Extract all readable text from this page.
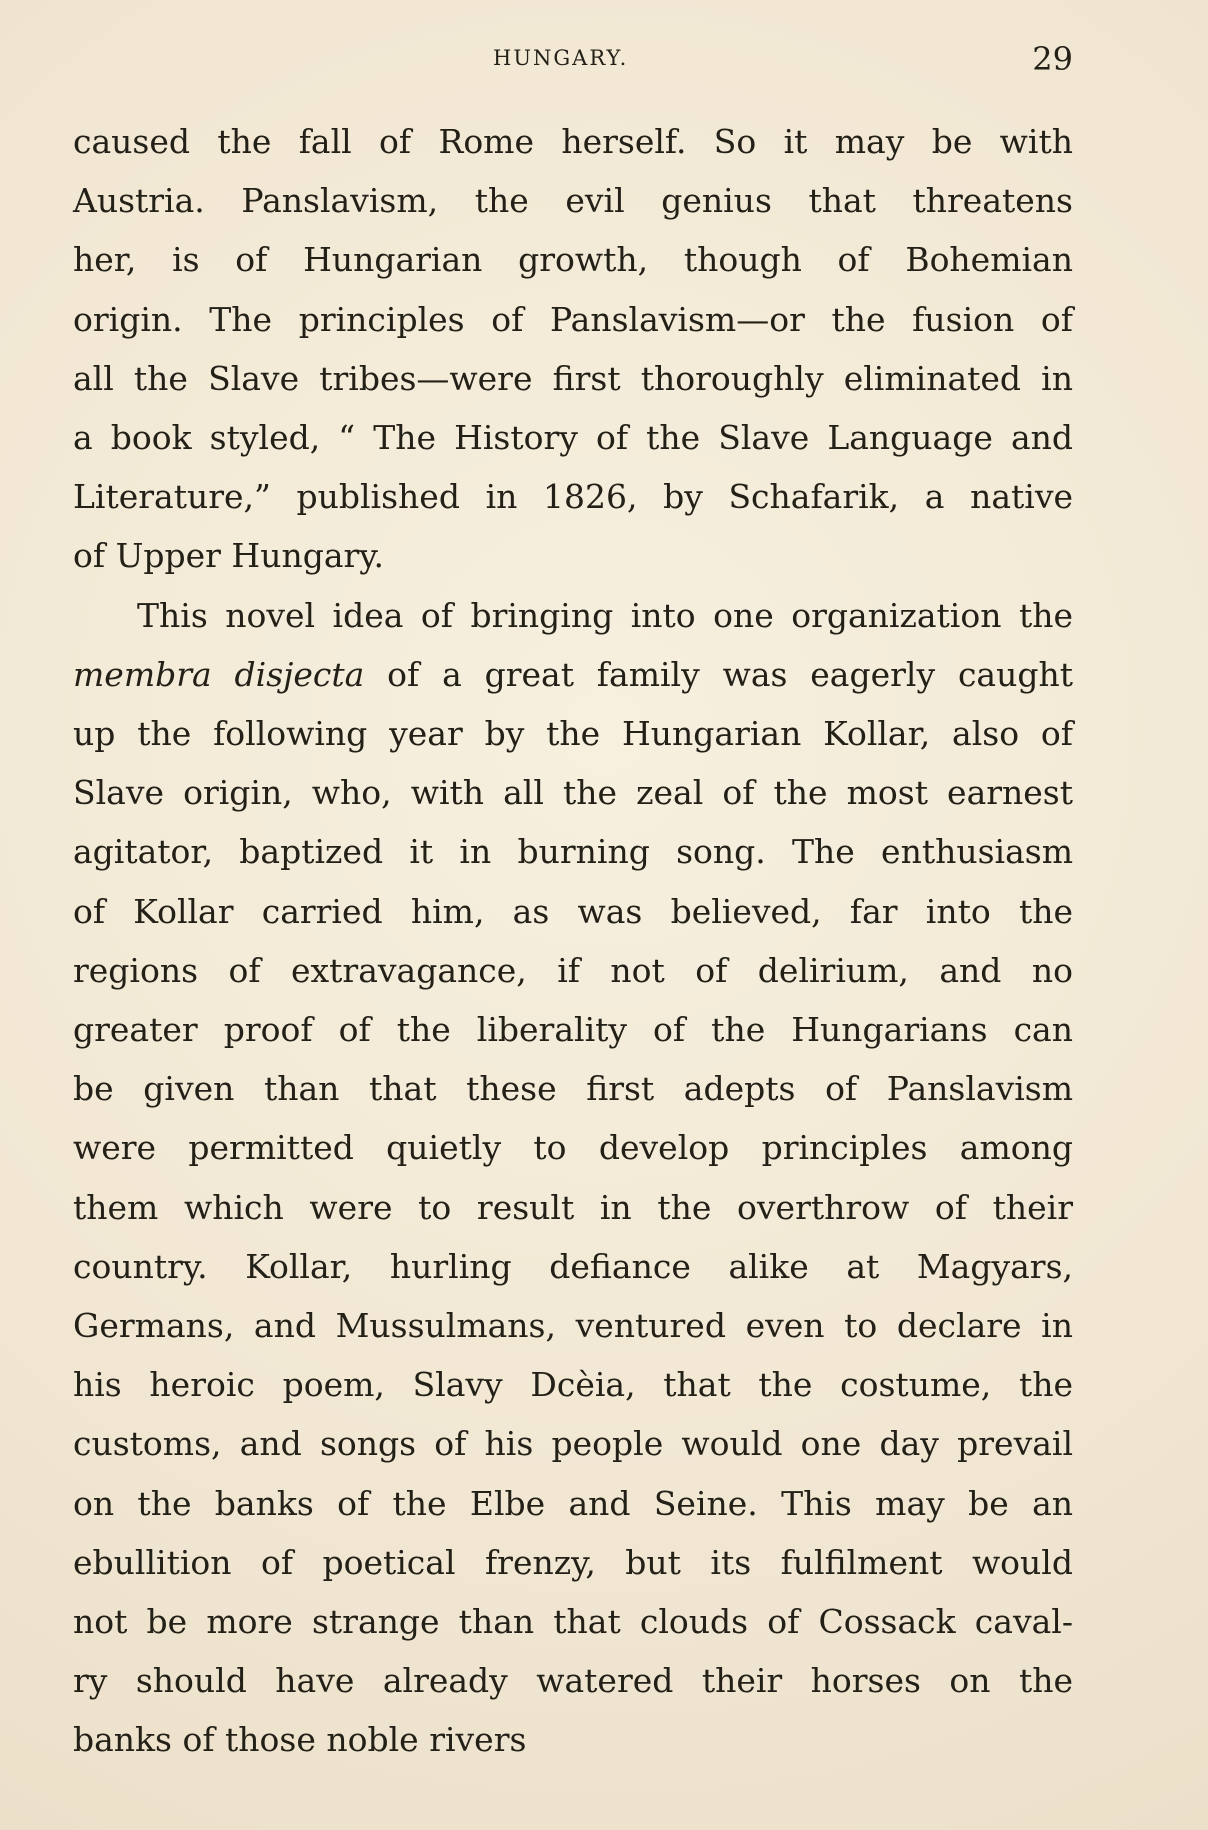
HUNGARY.	29
caused the fall of Rome herself. So it may be with
Austria. Panslavism, the evil genius that threatens
her, is of Hungarian growth, though of Bohemian
origin. The principles of Panslavism—or the fusion of
all the Slave tribes—were first thoroughly eliminated in
a book styled, “ The History of the Slave Language and
Literature,” published in 1826, by Schafarik, a native
of Upper Hungary.
This novel idea of bringing into one organization the
membra disjecta of a great family was eagerly caught
up the following year by the Hungarian Kollar, also of
Slave origin, who, with all the zeal of the most earnest
agitator, baptized it in burning song. The enthusiasm
of Kollar carried him, as was believed, far into the
regions of extravagance, if not of delirium, and no
greater proof of the liberality of the Hungarians can
be given than that these first adepts of Panslavism
were permitted quietly to develop principles among
them which were to result in the overthrow of their
country. Kollar, hurling defiance alike at Magyars,
Germans, and Mussulmans, ventured even to declare in
his heroic poem, Slavy Dcèia, that the costume, the
customs, and songs of his people would one day prevail
on the banks of the Elbe and Seine. This may be an
ebullition of poetical frenzy, but its fulfilment would
not be more strange than that clouds of Cossack caval-
ry should have already watered their horses on the
banks of those noble rivers
